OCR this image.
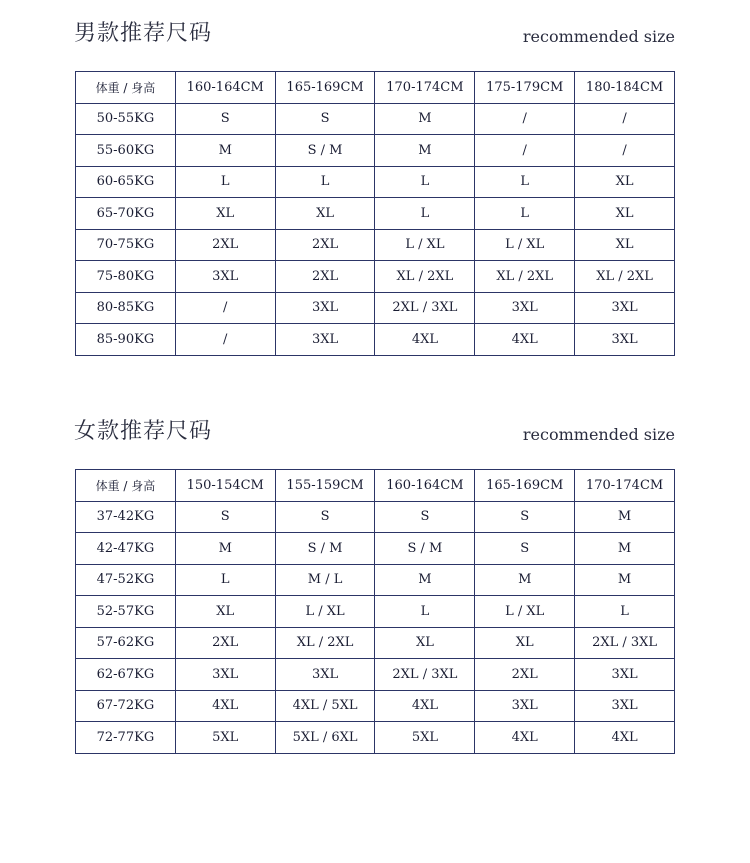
男款推荐尺码	recommended size
体重 / 身高	160-164CM	165-169CM	170-174CM	175-179CM	180-184CM
50-55KG	S	S	M	/	/
55-60KG	M	S / M	M	/	/
60-65KG	L	L	L	L	XL
65-70KG	XL	XL	L	L	XL
70-75KG	2XL	2XL	L / XL	L / XL	XL
75-80KG	3XL	2XL	XL / 2XL	XL / 2XL	XL / 2XL
80-85KG	/	3XL	2XL / 3XL	3XL	3XL
85-90KG	/	3XL	4XL	4XL	3XL
女款推荐尺码	recommended size
体重 / 身高	150-154CM	155-159CM	160-164CM	165-169CM	170-174CM
37-42KG	S	S	S	S	M
42-47KG	M	S / M	S / M	S	M
47-52KG	L	M / L	M	M	M
52-57KG	XL	L / XL	L	L / XL	L
57-62KG	2XL	XL / 2XL	XL	XL	2XL / 3XL
62-67KG	3XL	3XL	2XL / 3XL	2XL	3XL
67-72KG	4XL	4XL / 5XL	4XL	3XL	3XL
72-77KG	5XL	5XL / 6XL	5XL	4XL	4XL
